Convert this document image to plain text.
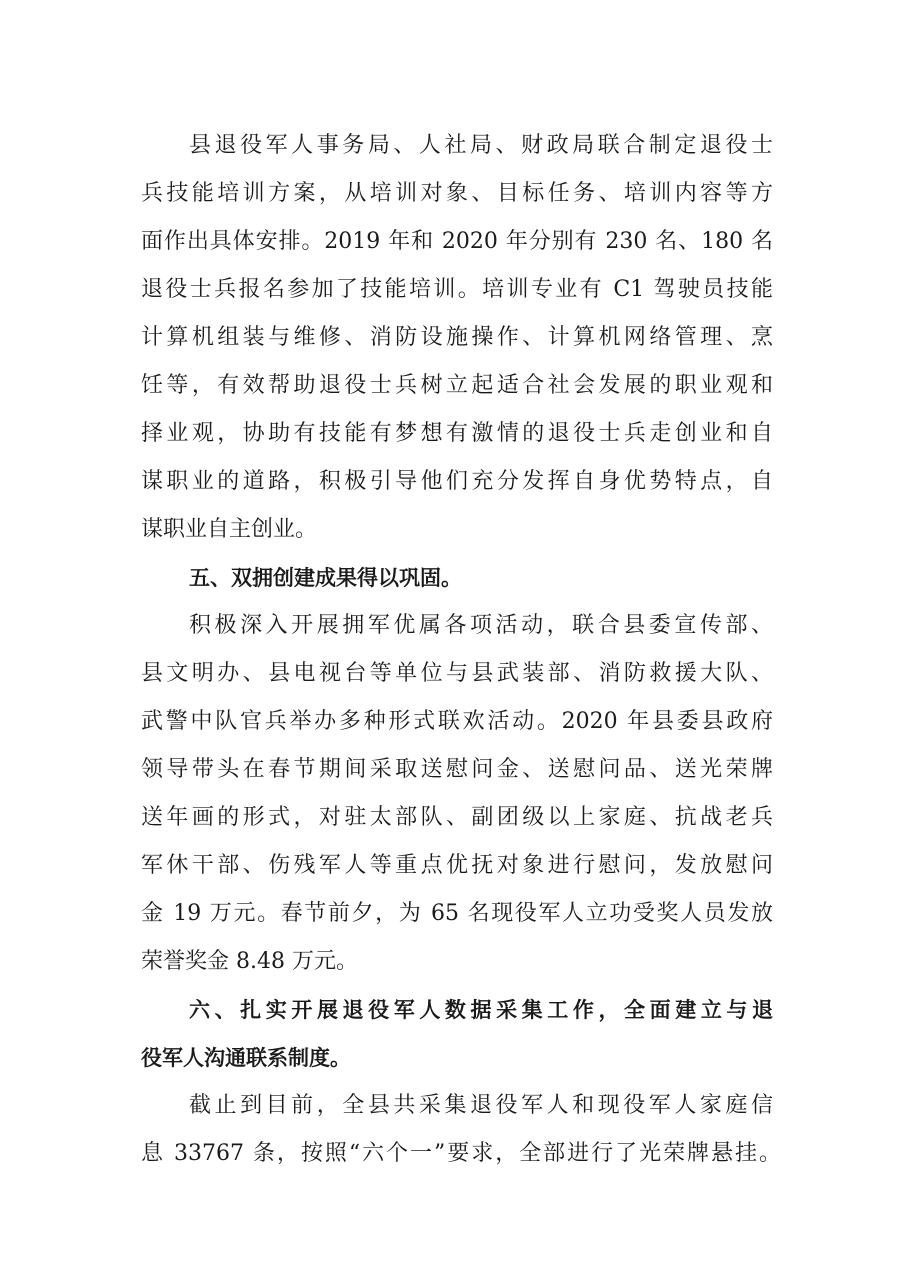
县退役军人事务局、人社局、财政局联合制定退役士
兵技能培训方案，从培训对象、目标任务、培训内容等方
面作出具体安排。2019 年和 2020 年分别有 230 名、180 名
退役士兵报名参加了技能培训。培训专业有 C1 驾驶员技能
计算机组装与维修、消防设施操作、计算机网络管理、烹
饪等，有效帮助退役士兵树立起适合社会发展的职业观和
择业观，协助有技能有梦想有激情的退役士兵走创业和自
谋职业的道路，积极引导他们充分发挥自身优势特点，自
谋职业自主创业。
五、双拥创建成果得以巩固。
积极深入开展拥军优属各项活动，联合县委宣传部、
县文明办、县电视台等单位与县武装部、消防救援大队、
武警中队官兵举办多种形式联欢活动。2020 年县委县政府
领导带头在春节期间采取送慰问金、送慰问品、送光荣牌
送年画的形式，对驻太部队、副团级以上家庭、抗战老兵
军休干部、伤残军人等重点优抚对象进行慰问，发放慰问
金 19 万元。春节前夕，为 65 名现役军人立功受奖人员发放
荣誉奖金 8.48 万元。
六、扎实开展退役军人数据采集工作，全面建立与退
役军人沟通联系制度。
截止到目前，全县共采集退役军人和现役军人家庭信
息 33767 条，按照“六个一”要求，全部进行了光荣牌悬挂。
